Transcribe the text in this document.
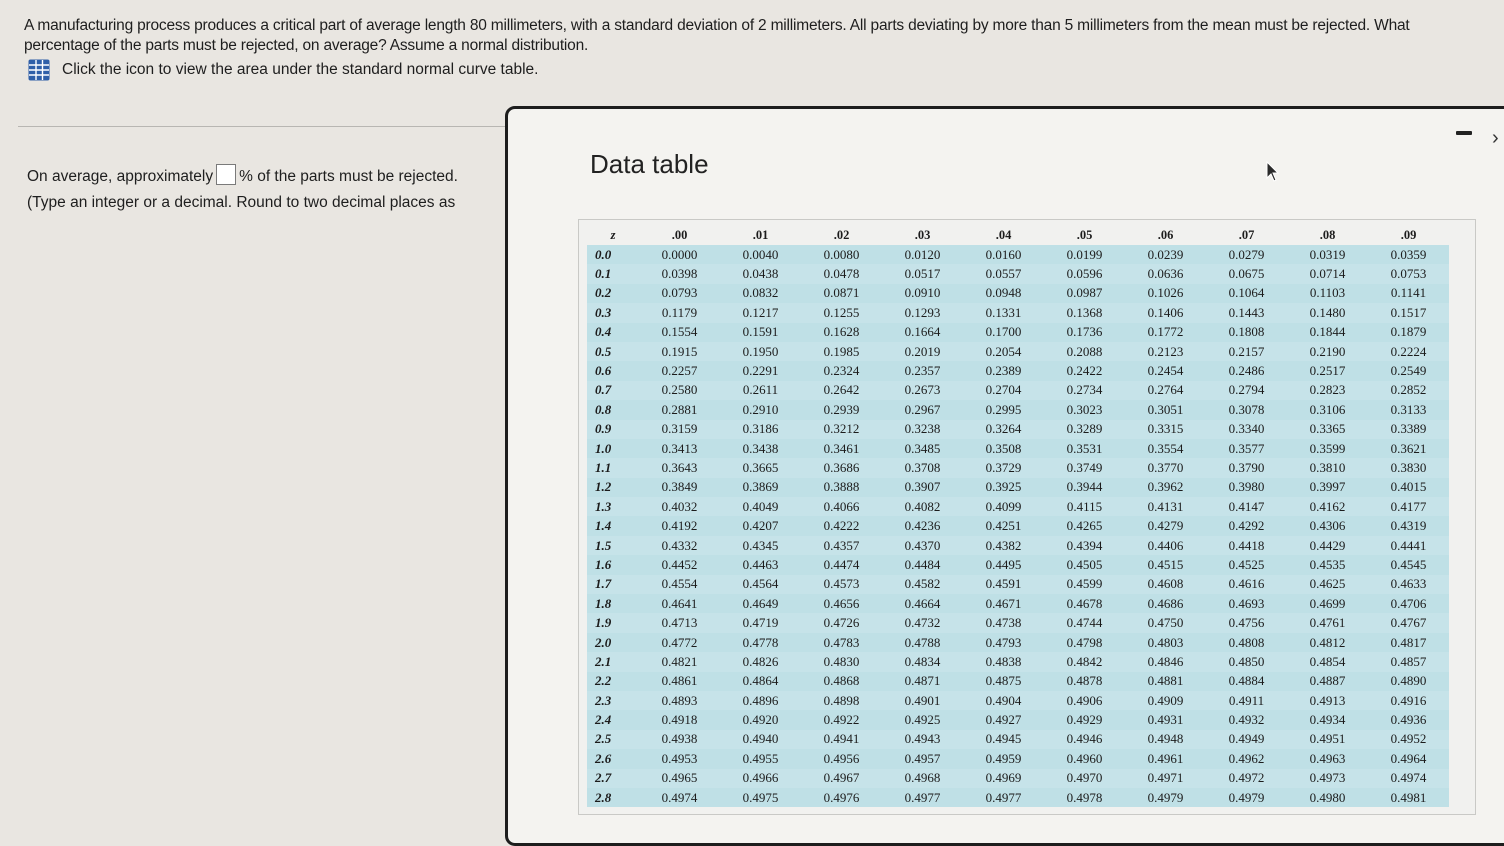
A manufacturing process produces a critical part of average length 80 millimeters, with a standard deviation of 2 millimeters. All parts deviating by more than 5 millimeters from the mean must be rejected. What percentage of the parts must be rejected, on average? Assume a normal distribution.
Click the icon to view the area under the standard normal curve table.
On average, approximately % of the parts must be rejected.
(Type an integer or a decimal. Round to two decimal places as
Data table
›
z	.00	.01	.02	.03	.04	.05	.06	.07	.08	.09
0.0	0.0000	0.0040	0.0080	0.0120	0.0160	0.0199	0.0239	0.0279	0.0319	0.0359
0.1	0.0398	0.0438	0.0478	0.0517	0.0557	0.0596	0.0636	0.0675	0.0714	0.0753
0.2	0.0793	0.0832	0.0871	0.0910	0.0948	0.0987	0.1026	0.1064	0.1103	0.1141
0.3	0.1179	0.1217	0.1255	0.1293	0.1331	0.1368	0.1406	0.1443	0.1480	0.1517
0.4	0.1554	0.1591	0.1628	0.1664	0.1700	0.1736	0.1772	0.1808	0.1844	0.1879
0.5	0.1915	0.1950	0.1985	0.2019	0.2054	0.2088	0.2123	0.2157	0.2190	0.2224
0.6	0.2257	0.2291	0.2324	0.2357	0.2389	0.2422	0.2454	0.2486	0.2517	0.2549
0.7	0.2580	0.2611	0.2642	0.2673	0.2704	0.2734	0.2764	0.2794	0.2823	0.2852
0.8	0.2881	0.2910	0.2939	0.2967	0.2995	0.3023	0.3051	0.3078	0.3106	0.3133
0.9	0.3159	0.3186	0.3212	0.3238	0.3264	0.3289	0.3315	0.3340	0.3365	0.3389
1.0	0.3413	0.3438	0.3461	0.3485	0.3508	0.3531	0.3554	0.3577	0.3599	0.3621
1.1	0.3643	0.3665	0.3686	0.3708	0.3729	0.3749	0.3770	0.3790	0.3810	0.3830
1.2	0.3849	0.3869	0.3888	0.3907	0.3925	0.3944	0.3962	0.3980	0.3997	0.4015
1.3	0.4032	0.4049	0.4066	0.4082	0.4099	0.4115	0.4131	0.4147	0.4162	0.4177
1.4	0.4192	0.4207	0.4222	0.4236	0.4251	0.4265	0.4279	0.4292	0.4306	0.4319
1.5	0.4332	0.4345	0.4357	0.4370	0.4382	0.4394	0.4406	0.4418	0.4429	0.4441
1.6	0.4452	0.4463	0.4474	0.4484	0.4495	0.4505	0.4515	0.4525	0.4535	0.4545
1.7	0.4554	0.4564	0.4573	0.4582	0.4591	0.4599	0.4608	0.4616	0.4625	0.4633
1.8	0.4641	0.4649	0.4656	0.4664	0.4671	0.4678	0.4686	0.4693	0.4699	0.4706
1.9	0.4713	0.4719	0.4726	0.4732	0.4738	0.4744	0.4750	0.4756	0.4761	0.4767
2.0	0.4772	0.4778	0.4783	0.4788	0.4793	0.4798	0.4803	0.4808	0.4812	0.4817
2.1	0.4821	0.4826	0.4830	0.4834	0.4838	0.4842	0.4846	0.4850	0.4854	0.4857
2.2	0.4861	0.4864	0.4868	0.4871	0.4875	0.4878	0.4881	0.4884	0.4887	0.4890
2.3	0.4893	0.4896	0.4898	0.4901	0.4904	0.4906	0.4909	0.4911	0.4913	0.4916
2.4	0.4918	0.4920	0.4922	0.4925	0.4927	0.4929	0.4931	0.4932	0.4934	0.4936
2.5	0.4938	0.4940	0.4941	0.4943	0.4945	0.4946	0.4948	0.4949	0.4951	0.4952
2.6	0.4953	0.4955	0.4956	0.4957	0.4959	0.4960	0.4961	0.4962	0.4963	0.4964
2.7	0.4965	0.4966	0.4967	0.4968	0.4969	0.4970	0.4971	0.4972	0.4973	0.4974
2.8	0.4974	0.4975	0.4976	0.4977	0.4977	0.4978	0.4979	0.4979	0.4980	0.4981
